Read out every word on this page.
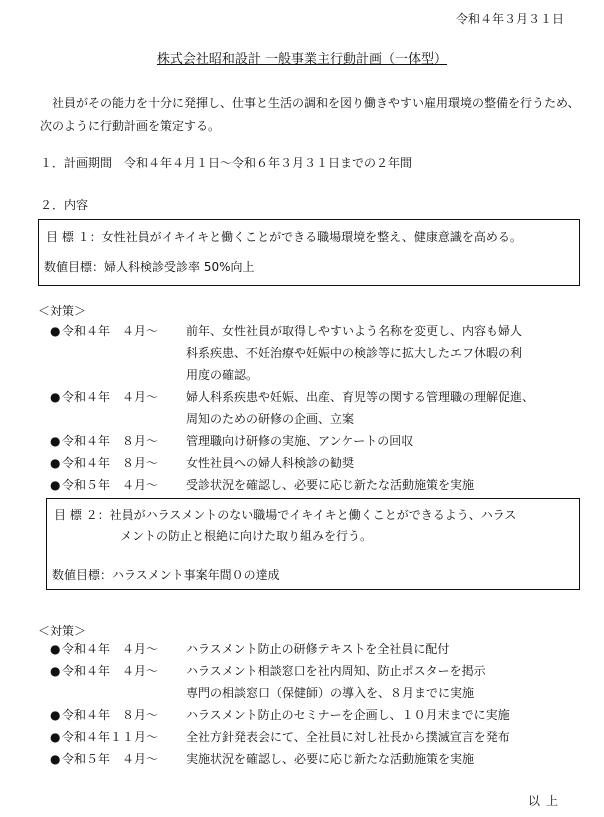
令和４年３月３１日
株式会社昭和設計 一般事業主行動計画（一体型）
　社員がその能力を十分に発揮し、仕事と生活の調和を図り働きやすい雇用環境の整備を行うため、次のように行動計画を策定する。
１．計画期間　令和４年４月１日～令和６年３月３１日までの２年間
２．内容
目 標 １：女性社員がイキイキと働くことができる職場環境を整え、健康意識を高める。
数値目標：婦人科検診受診率 50%向上
＜対策＞
● 令和４年　４月～ 前年、女性社員が取得しやすいよう名称を変更し、内容も婦人
科系疾患、不妊治療や妊娠中の検診等に拡大したエフ休暇の利
用度の確認。
● 令和４年　４月～ 婦人科系疾患や妊娠、出産、育児等の関する管理職の理解促進、
周知のための研修の企画、立案
● 令和４年　８月～ 管理職向け研修の実施、アンケートの回収
● 令和４年　８月～ 女性社員への婦人科検診の勧奨
● 令和５年　４月～ 受診状況を確認し、必要に応じ新たな活動施策を実施
目 標 ２：社員がハラスメントのない職場でイキイキと働くことができるよう、ハラス
メントの防止と根絶に向けた取り組みを行う。
数値目標：ハラスメント事案年間０の達成
＜対策＞
● 令和４年　４月～ ハラスメント防止の研修テキストを全社員に配付
● 令和４年　４月～ ハラスメント相談窓口を社内周知、防止ポスターを掲示
専門の相談窓口（保健師）の導入を、８月までに実施
● 令和４年　８月～ ハラスメント防止のセミナーを企画し、１０月末までに実施
● 令和４年１１月～ 全社方針発表会にて、全社員に対し社長から撲滅宣言を発布
● 令和５年　４月～ 実施状況を確認し、必要に応じ新たな活動施策を実施
以上
